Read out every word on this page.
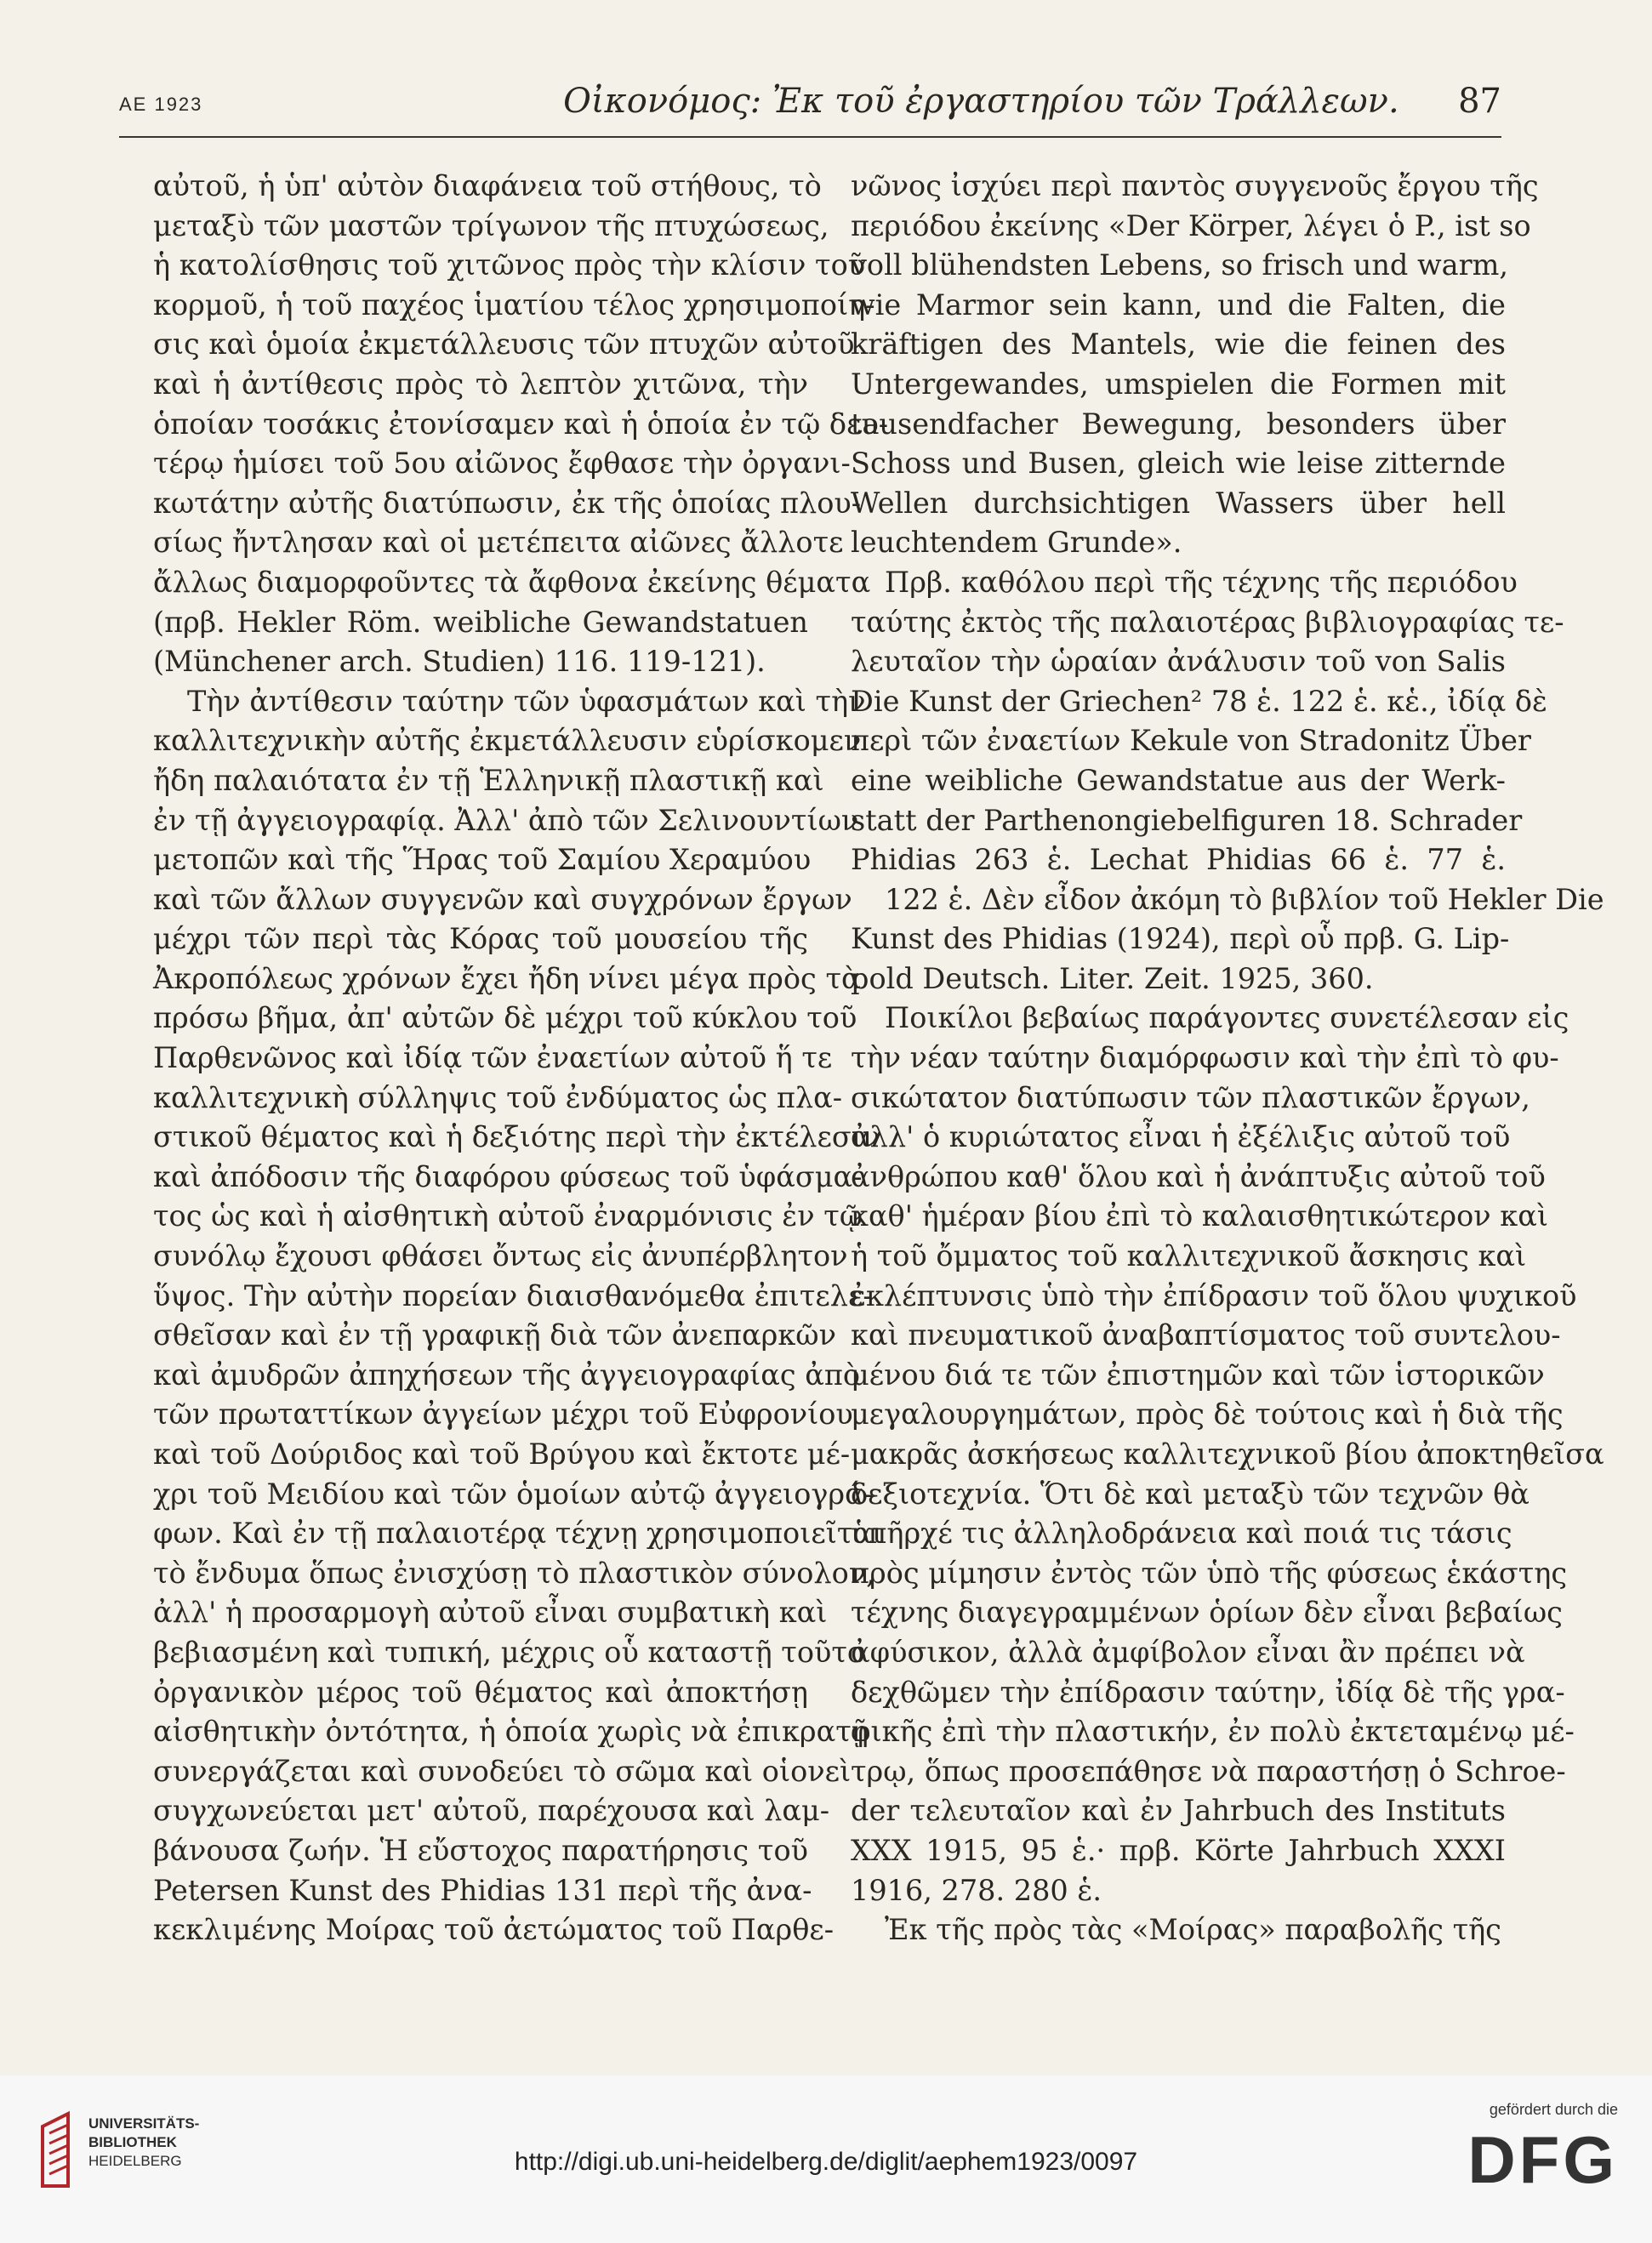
ΑΕ 1923	Οἰκονόμος: Ἐκ τοῦ ἐργαστηρίου τῶν Τράλλεων. 87
αὐτοῦ, ἡ ὑπ' αὐτὸν διαφάνεια τοῦ στήθους, τὸ
μεταξὺ τῶν μαστῶν τρίγωνον τῆς πτυχώσεως,
ἡ κατολίσθησις τοῦ χιτῶνος πρὸς τὴν κλίσιν τοῦ
κορμοῦ, ἡ τοῦ παχέος ἱματίου τέλος χρησιμοποίη-
σις καὶ ὁμοία ἐκμετάλλευσις τῶν πτυχῶν αὐτοῦ
καὶ ἡ ἀντίθεσις πρὸς τὸ λεπτὸν χιτῶνα, τὴν
ὁποίαν τοσάκις ἐτονίσαμεν καὶ ἡ ὁποία ἐν τῷ δευ-
τέρῳ ἡμίσει τοῦ 5ου αἰῶνος ἔφθασε τὴν ὀργανι-
κωτάτην αὐτῆς διατύπωσιν, ἐκ τῆς ὁποίας πλου-
σίως ἤντλησαν καὶ οἱ μετέπειτα αἰῶνες ἄλλοτε
ἄλλως διαμορφοῦντες τὰ ἄφθονα ἐκείνης θέματα
(πρβ. Hekler Röm. weibliche Gewandstatuen
(Münchener arch. Studien) 116. 119-121).
Τὴν ἀντίθεσιν ταύτην τῶν ὑφασμάτων καὶ τὴν
καλλιτεχνικὴν αὐτῆς ἐκμετάλλευσιν εὑρίσκομεν
ἤδη παλαιότατα ἐν τῇ Ἑλληνικῇ πλαστικῇ καὶ
ἐν τῇ ἀγγειογραφίᾳ. Ἀλλ' ἀπὸ τῶν Σελινουντίων
μετοπῶν καὶ τῆς Ἥρας τοῦ Σαμίου Χεραμύου
καὶ τῶν ἄλλων συγγενῶν καὶ συγχρόνων ἔργων
μέχρι τῶν περὶ τὰς Κόρας τοῦ μουσείου τῆς
Ἀκροπόλεως χρόνων ἔχει ἤδη νίνει μέγα πρὸς τὰ
πρόσω βῆμα, ἀπ' αὐτῶν δὲ μέχρι τοῦ κύκλου τοῦ
Παρθενῶνος καὶ ἰδίᾳ τῶν ἐναετίων αὐτοῦ ἥ τε
καλλιτεχνικὴ σύλληψις τοῦ ἐνδύματος ὡς πλα-
στικοῦ θέματος καὶ ἡ δεξιότης περὶ τὴν ἐκτέλεσιν
καὶ ἀπόδοσιν τῆς διαφόρου φύσεως τοῦ ὑφάσμα-
τος ὡς καὶ ἡ αἰσθητικὴ αὐτοῦ ἐναρμόνισις ἐν τῷ
συνόλῳ ἔχουσι φθάσει ὄντως εἰς ἀνυπέρβλητον
ὕψος. Τὴν αὐτὴν πορείαν διαισθανόμεθα ἐπιτελε-
σθεῖσαν καὶ ἐν τῇ γραφικῇ διὰ τῶν ἀνεπαρκῶν
καὶ ἀμυδρῶν ἀπηχήσεων τῆς ἀγγειογραφίας ἀπὸ
τῶν πρωταττίκων ἀγγείων μέχρι τοῦ Εὐφρονίου
καὶ τοῦ Δούριδος καὶ τοῦ Βρύγου καὶ ἔκτοτε μέ-
χρι τοῦ Μειδίου καὶ τῶν ὁμοίων αὐτῷ ἀγγειογρά-
φων. Καὶ ἐν τῇ παλαιοτέρᾳ τέχνῃ χρησιμοποιεῖται
τὸ ἔνδυμα ὅπως ἐνισχύσῃ τὸ πλαστικὸν σύνολον,
ἀλλ' ἡ προσαρμογὴ αὐτοῦ εἶναι συμβατικὴ καὶ
βεβιασμένη καὶ τυπική, μέχρις οὗ καταστῇ τοῦτο
ὀργανικὸν μέρος τοῦ θέματος καὶ ἀποκτήσῃ
αἰσθητικὴν ὀντότητα, ἡ ὁποία χωρὶς νὰ ἐπικρατῇ
συνεργάζεται καὶ συνοδεύει τὸ σῶμα καὶ οἱονεὶ
συγχωνεύεται μετ' αὐτοῦ, παρέχουσα καὶ λαμ-
βάνουσα ζωήν. Ἡ εὔστοχος παρατήρησις τοῦ
Petersen Kunst des Phidias 131 περὶ τῆς ἀνα-
κεκλιμένης Μοίρας τοῦ ἀετώματος τοῦ Παρθε-
νῶνος ἰσχύει περὶ παντὸς συγγενοῦς ἔργου τῆς
περιόδου ἐκείνης «Der Körper, λέγει ὁ P., ist so
voll blühendsten Lebens, so frisch und warm,
wie Marmor sein kann, und die Falten, die
kräftigen des Mantels, wie die feinen des
Untergewandes, umspielen die Formen mit
tausendfacher Bewegung, besonders über
Schoss und Busen, gleich wie leise zitternde
Wellen durchsichtigen Wassers über hell
leuchtendem Grunde».
Πρβ. καθόλου περὶ τῆς τέχνης τῆς περιόδου
ταύτης ἐκτὸς τῆς παλαιοτέρας βιβλιογραφίας τε-
λευταῖον τὴν ὡραίαν ἀνάλυσιν τοῦ von Salis
Die Kunst der Griechen² 78 ἑ. 122 ἑ. κἑ., ἰδίᾳ δὲ
περὶ τῶν ἐναετίων Kekule von Stradonitz Über
eine weibliche Gewandstatue aus der Werk-
statt der Parthenongiebelfiguren 18. Schrader
Phidias 263 ἑ. Lechat Phidias 66 ἑ. 77 ἑ.
122 ἑ. Δὲν εἶδον ἀκόμη τὸ βιβλίον τοῦ Hekler Die
Kunst des Phidias (1924), περὶ οὗ πρβ. G. Lip-
pold Deutsch. Liter. Zeit. 1925, 360.
Ποικίλοι βεβαίως παράγοντες συνετέλεσαν εἰς
τὴν νέαν ταύτην διαμόρφωσιν καὶ τὴν ἐπὶ τὸ φυ-
σικώτατον διατύπωσιν τῶν πλαστικῶν ἔργων,
ἀλλ' ὁ κυριώτατος εἶναι ἡ ἐξέλιξις αὐτοῦ τοῦ
ἀνθρώπου καθ' ὅλου καὶ ἡ ἀνάπτυξις αὐτοῦ τοῦ
καθ' ἡμέραν βίου ἐπὶ τὸ καλαισθητικώτερον καὶ
ἡ τοῦ ὄμματος τοῦ καλλιτεχνικοῦ ἄσκησις καὶ
ἐκλέπτυνσις ὑπὸ τὴν ἐπίδρασιν τοῦ ὅλου ψυχικοῦ
καὶ πνευματικοῦ ἀναβαπτίσματος τοῦ συντελου-
μένου διά τε τῶν ἐπιστημῶν καὶ τῶν ἱστορικῶν
μεγαλουργημάτων, πρὸς δὲ τούτοις καὶ ἡ διὰ τῆς
μακρᾶς ἀσκήσεως καλλιτεχνικοῦ βίου ἀποκτηθεῖσα
δεξιοτεχνία. Ὅτι δὲ καὶ μεταξὺ τῶν τεχνῶν θὰ
ὑπῆρχέ τις ἀλληλοδράνεια καὶ ποιά τις τάσις
πρὸς μίμησιν ἐντὸς τῶν ὑπὸ τῆς φύσεως ἑκάστης
τέχνης διαγεγραμμένων ὁρίων δὲν εἶναι βεβαίως
ἀφύσικον, ἀλλὰ ἀμφίβολον εἶναι ἂν πρέπει νὰ
δεχθῶμεν τὴν ἐπίδρασιν ταύτην, ἰδίᾳ δὲ τῆς γρα-
φικῆς ἐπὶ τὴν πλαστικήν, ἐν πολὺ ἐκτεταμένῳ μέ-
τρῳ, ὅπως προσεπάθησε νὰ παραστήσῃ ὁ Schroe-
der τελευταῖον καὶ ἐν Jahrbuch des Instituts
XXX 1915, 95 ἑ.· πρβ. Körte Jahrbuch XXXI
1916, 278. 280 ἑ.
Ἐκ τῆς πρὸς τὰς «Μοίρας» παραβολῆς τῆς
UNIVERSITÄTS-
BIBLIOTHEK
HEIDELBERG	http://digi.ub.uni-heidelberg.de/diglit/aephem1923/0097
gefördert durch die
DFG
